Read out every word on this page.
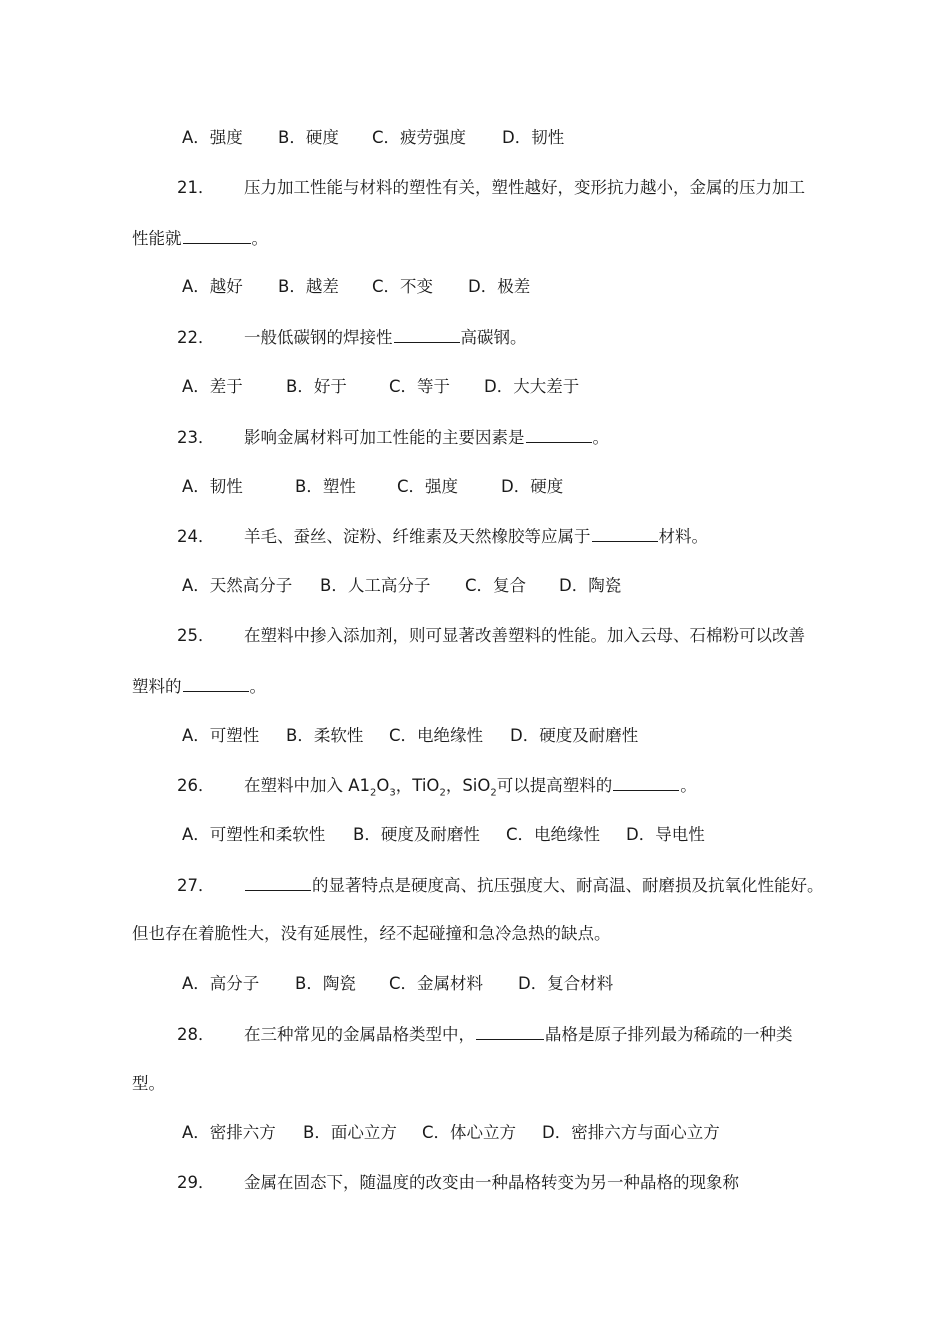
A．强度 B．硬度 C．疲劳强度 D．韧性
21． 压力加工性能与材料的塑性有关，塑性越好，变形抗力越小，金属的压力加工
性能就	。
A．越好 B．越差 C．不变 D．极差
22． 一般低碳钢的焊接性	高碳钢。
A．差于	B．好于	C．等于 D．大大差于
23． 影响金属材料可加工性能的主要因素是	。
A．韧性	B．塑性 C．强度	D．硬度
24． 羊毛、蚕丝、淀粉、纤维素及天然橡胶等应属于	材料。
A．天然高分子 B．人工高分子 C．复合 D．陶瓷
25． 在塑料中掺入添加剂，则可显著改善塑料的性能。加入云母、石棉粉可以改善
塑料的	。
A．可塑性 B．柔软性 C．电绝缘性 D．硬度及耐磨性
26． 在塑料中加入 $A1_2O_3$，TiO$_2$，SiO$_2$可以提高塑料的	。
A．可塑性和柔软性 B．硬度及耐磨性 C．电绝缘性 D．导电性
27．	的显著特点是硬度高、抗压强度大、耐高温、耐磨损及抗氧化性能好。
但也存在着脆性大，没有延展性，经不起碰撞和急冷急热的缺点。
A．高分子 B．陶瓷 C．金属材料 D．复合材料
28． 在三种常见的金属晶格类型中，	晶格是原子排列最为稀疏的一种类
型。
A．密排六方 B．面心立方 C．体心立方 D．密排六方与面心立方
29． 金属在固态下，随温度的改变由一种晶格转变为另一种晶格的现象称
